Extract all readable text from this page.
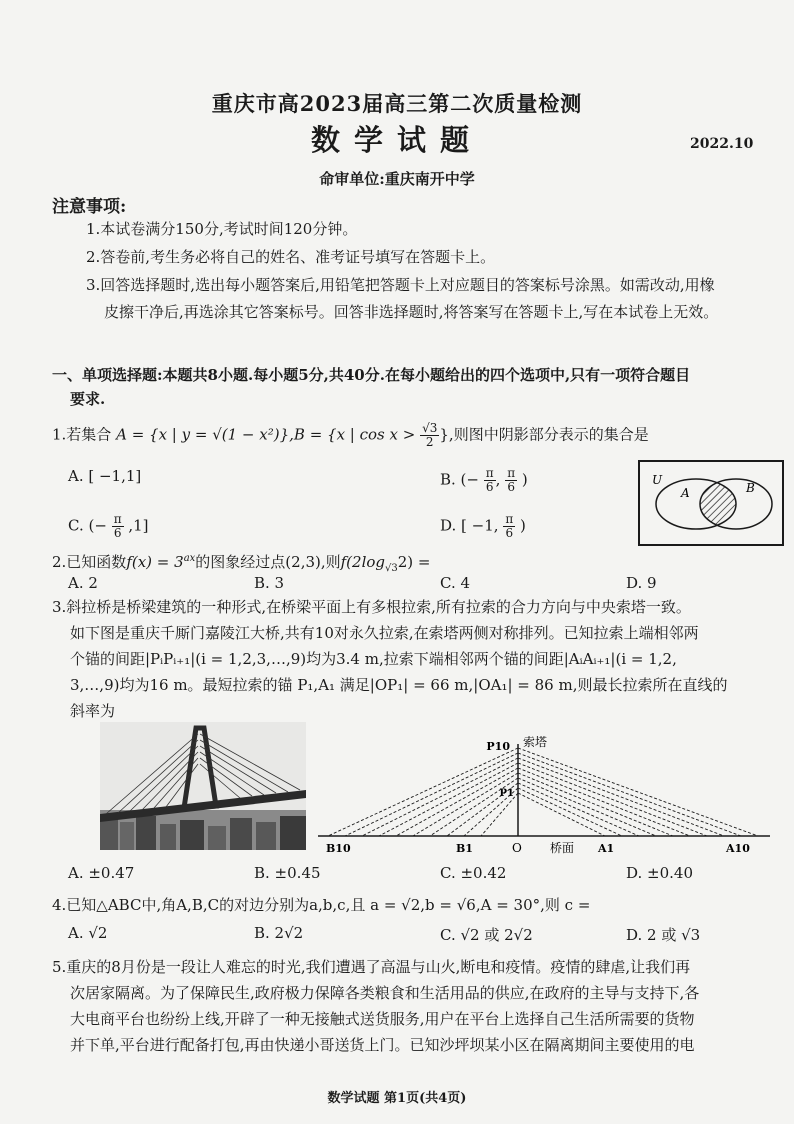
重庆市高2023届高三第二次质量检测
数学试题	2022.10
命审单位:重庆南开中学
注意事项:
1.本试卷满分150分,考试时间120分钟。
2.答卷前,考生务必将自己的姓名、准考证号填写在答题卡上。
3.回答选择题时,选出每小题答案后,用铅笔把答题卡上对应题目的答案标号涂黑。如需改动,用橡
皮擦干净后,再选涂其它答案标号。回答非选择题时,将答案写在答题卡上,写在本试卷上无效。
一、单项选择题:本题共8小题.每小题5分,共40分.在每小题给出的四个选项中,只有一项符合题目
要求.
1.若集合 A = {x | y = √(1 − x²)},B = {x | $\cos x > \frac{√3}{2}$ },则图中阴影部分表示的集合是
A. [ −1,1]	B. (− $\frac{\pi}{6}$ , $\frac{\pi}{6}$ )
C. (− $\frac{\pi}{6} ,1$]	D. [ −1, $\frac{\pi}{6}$ )
U
A	B
2.已知函数$f(x) = 3^{ax}$的图象经过点(2,3),则$f(2\log_{√3}2)$ =
A. 2	B. 3	C. 4	D. 9
3.斜拉桥是桥梁建筑的一种形式,在桥梁平面上有多根拉索,所有拉索的合力方向与中央索塔一致。
如下图是重庆千厮门嘉陵江大桥,共有10对永久拉索,在索塔两侧对称排列。已知拉索上端相邻两
个锚的间距|PᵢPᵢ₊₁|(i = 1,2,3,…,9)均为3.4 m,拉索下端相邻两个锚的间距|AᵢAᵢ₊₁|(i = 1,2,
3,…,9)均为16 m。最短拉索的锚 P₁,A₁ 满足|OP₁| = 66 m,|OA₁| = 86 m,则最长拉索所在直线的
斜率为
P10 索塔
P1
B10	B1	O 桥面 A1	A10
A. ±0.47	B. ±0.45	C. ±0.42	D. ±0.40
4.已知△ABC中,角A,B,C的对边分别为a,b,c,且 a = √2,b = √6,A = 30°,则 c =
A. √2	B. 2√2	C. √2 或 2√2	D. 2 或 √3
5.重庆的8月份是一段让人难忘的时光,我们遭遇了高温与山火,断电和疫情。疫情的肆虐,让我们再
次居家隔离。为了保障民生,政府极力保障各类粮食和生活用品的供应,在政府的主导与支持下,各
大电商平台也纷纷上线,开辟了一种无接触式送货服务,用户在平台上选择自己生活所需要的货物
并下单,平台进行配备打包,再由快递小哥送货上门。已知沙坪坝某小区在隔离期间主要使用的电
数学试题 第1页(共4页)
